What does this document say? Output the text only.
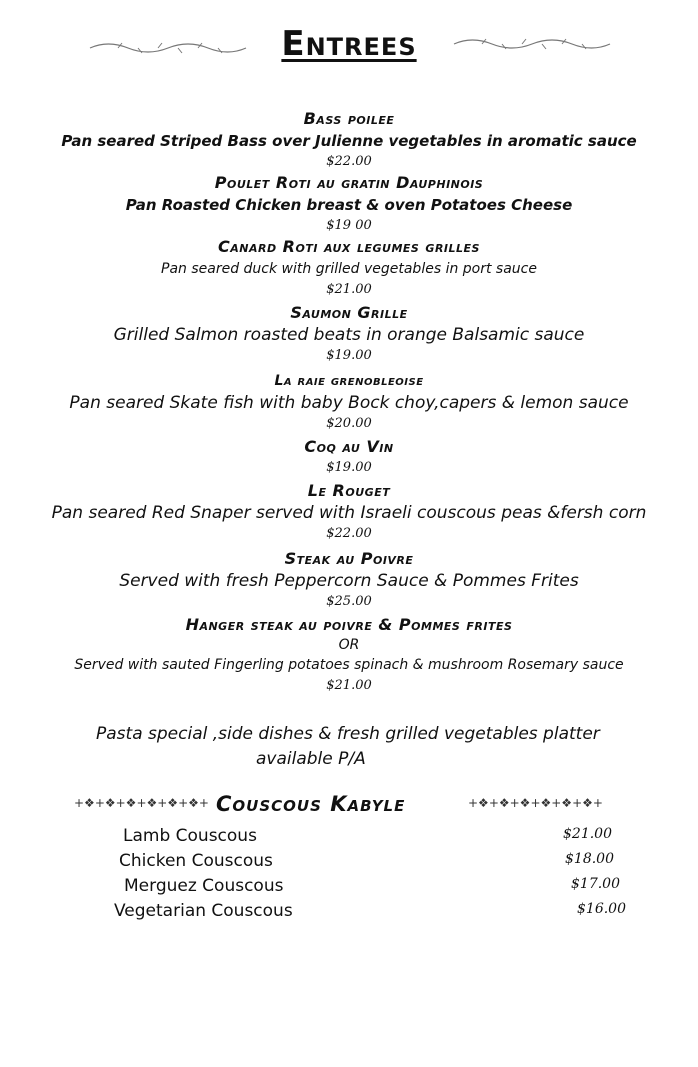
Entrees
Bass poilee
Pan seared Striped Bass over Julienne vegetables in aromatic sauce
$22.00
Poulet Roti au gratin Dauphinois
Pan Roasted Chicken breast & oven Potatoes Cheese
$19 00
Canard Roti aux legumes grilles
Pan seared duck with grilled vegetables in port sauce
$21.00
Saumon Grille
Grilled Salmon roasted beats in orange Balsamic sauce
$19.00
La raie grenobleoise
Pan seared Skate fish with baby Bock choy,capers & lemon sauce
$20.00
Coq au Vin
$19.00
Le Rouget
Pan seared Red Snaper served with Israeli couscous peas &fersh corn
$22.00
Steak au Poivre
Served with fresh Peppercorn Sauce & Pommes Frites
$25.00
Hanger steak au poivre & Pommes frites
OR
Served with sauted Fingerling potatoes spinach & mushroom Rosemary sauce
$21.00
Pasta special ,side dishes & fresh grilled vegetables platter
available P/A
+❖+❖+❖+❖+❖+❖+ Couscous Kabyle	+❖+❖+❖+❖+❖+❖+
Lamb Couscous	$21.00
Chicken Couscous	$18.00
Merguez Couscous	$17.00
Vegetarian Couscous	$16.00
